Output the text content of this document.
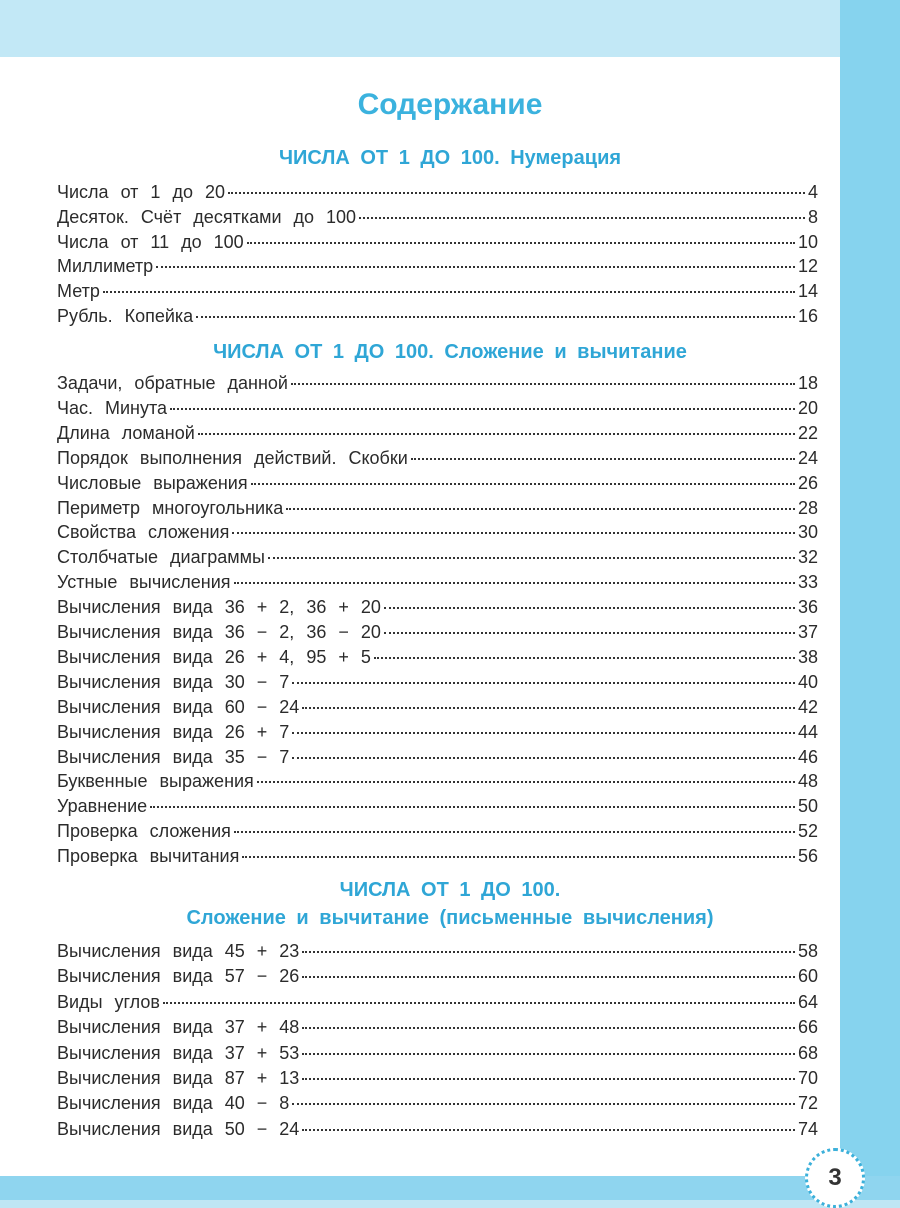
Содержание
ЧИСЛА ОТ 1 ДО 100. Нумерация
Числа от 1 до 20	4
Десяток. Счёт десятками до 100	8
Числа от 11 до 100	10
Миллиметр	12
Метр	14
Рубль. Копейка	16
ЧИСЛА ОТ 1 ДО 100. Сложение и вычитание
Задачи, обратные данной	18
Час. Минута	20
Длина ломаной	22
Порядок выполнения действий. Скобки	24
Числовые выражения	26
Периметр многоугольника	28
Свойства сложения	30
Столбчатые диаграммы	32
Устные вычисления	33
Вычисления вида 36 + 2, 36 + 20	36
Вычисления вида 36 − 2, 36 − 20	37
Вычисления вида 26 + 4, 95 + 5	38
Вычисления вида 30 − 7	40
Вычисления вида 60 − 24	42
Вычисления вида 26 + 7	44
Вычисления вида 35 − 7	46
Буквенные выражения	48
Уравнение	50
Проверка сложения	52
Проверка вычитания	56
ЧИСЛА ОТ 1 ДО 100.
Сложение и вычитание (письменные вычисления)
Вычисления вида 45 + 23	58
Вычисления вида 57 − 26	60
Виды углов	64
Вычисления вида 37 + 48	66
Вычисления вида 37 + 53	68
Вычисления вида 87 + 13	70
Вычисления вида 40 − 8	72
Вычисления вида 50 − 24	74
3
